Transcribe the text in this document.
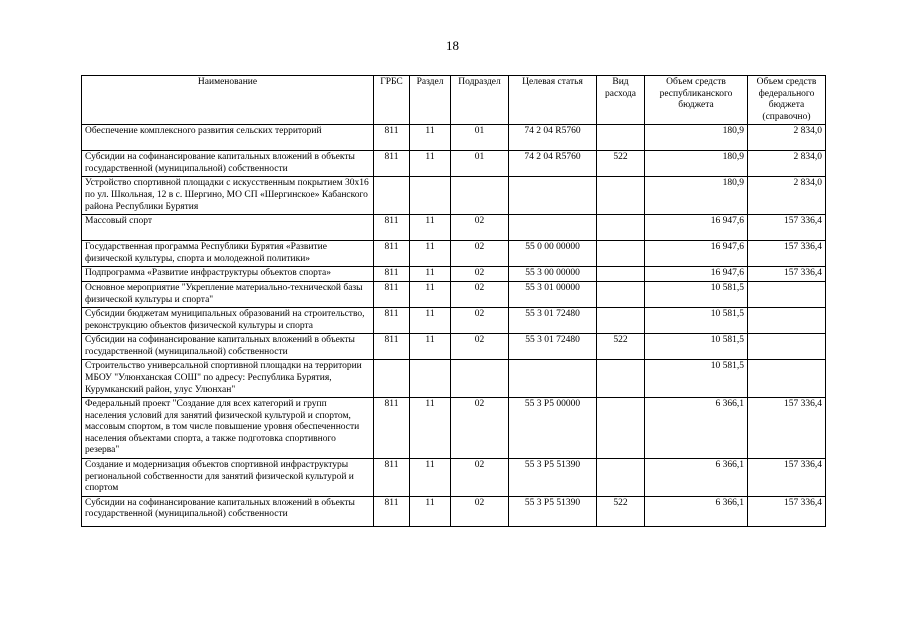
18
Наименование	ГРБС	Раздел	Подраздел	Целевая статья	Вид расхода	Объем средств республиканского бюджета	Объем средств федерального бюджета (справочно)
Обеспечение комплексного развития сельских территорий	811	11	01	74 2 04 R5760		180,9	2 834,0
Субсидии на софинансирование капитальных вложений в объекты государственной (муниципальной) собственности	811	11	01	74 2 04 R5760	522	180,9	2 834,0
Устройство спортивной площадки с искусственным покрытием 30х16 по ул. Школьная, 12 в с. Шергино, МО СП «Шергинское» Кабанского района Республики Бурятия						180,9	2 834,0
Массовый спорт	811	11	02			16 947,6	157 336,4
Государственная программа Республики Бурятия «Развитие физической культуры, спорта и молодежной политики»	811	11	02	55 0 00 00000		16 947,6	157 336,4
Подпрограмма «Развитие инфраструктуры объектов спорта»	811	11	02	55 3 00 00000		16 947,6	157 336,4
Основное мероприятие "Укрепление материально-технической базы физической культуры и спорта"	811	11	02	55 3 01 00000		10 581,5	
Субсидии бюджетам муниципальных образований на строительство, реконструкцию объектов физической культуры и спорта	811	11	02	55 3 01 72480		10 581,5	
Субсидии на софинансирование капитальных вложений в объекты государственной (муниципальной) собственности	811	11	02	55 3 01 72480	522	10 581,5	
Строительство универсальной спортивной площадки на территории МБОУ "Улюнханская СОШ" по адресу: Республика Бурятия, Курумканский район, улус Улюнхан"						10 581,5	
Федеральный проект "Создание для всех категорий и групп населения условий для занятий физической культурой и спортом, массовым спортом, в том числе повышение уровня обеспеченности населения объектами спорта, а также подготовка спортивного резерва"	811	11	02	55 3 P5 00000		6 366,1	157 336,4
Создание и модернизация объектов спортивной инфраструктуры региональной собственности для занятий физической культурой и спортом	811	11	02	55 3 P5 51390		6 366,1	157 336,4
Субсидии на софинансирование капитальных вложений в объекты государственной (муниципальной) собственности	811	11	02	55 3 P5 51390	522	6 366,1	157 336,4
